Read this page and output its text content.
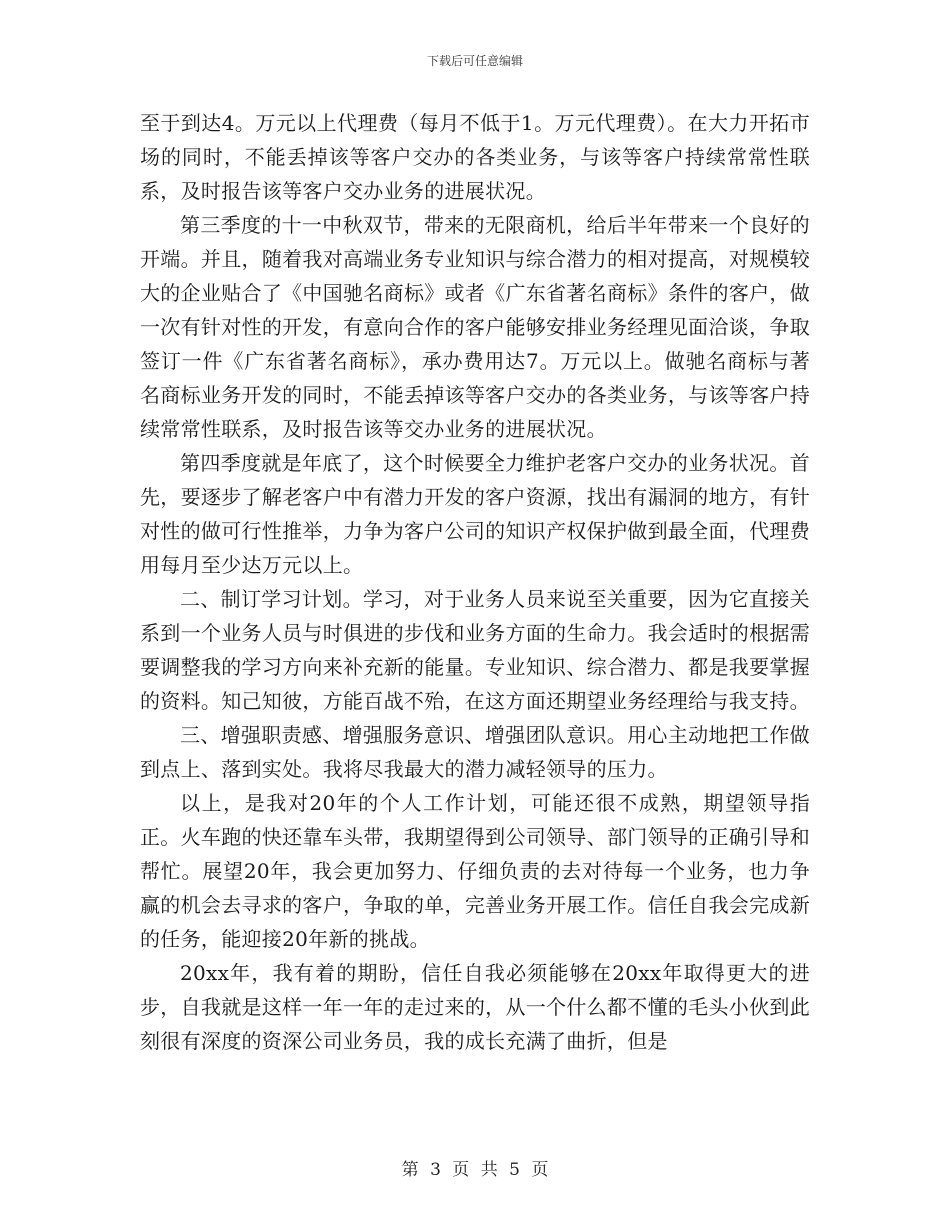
下载后可任意编辑

至于到达4。万元以上代理费（每月不低于1。万元代理费）。在大力开拓市场的同时，不能丢掉该等客户交办的各类业务，与该等客户持续常常性联系，及时报告该等客户交办业务的进展状况。

第三季度的十一中秋双节，带来的无限商机，给后半年带来一个良好的开端。并且，随着我对高端业务专业知识与综合潜力的相对提高，对规模较大的企业贴合了《中国驰名商标》或者《广东省著名商标》条件的客户，做一次有针对性的开发，有意向合作的客户能够安排业务经理见面洽谈，争取签订一件《广东省著名商标》，承办费用达7。万元以上。做驰名商标与著名商标业务开发的同时，不能丢掉该等客户交办的各类业务，与该等客户持续常常性联系，及时报告该等交办业务的进展状况。

第四季度就是年底了，这个时候要全力维护老客户交办的业务状况。首先，要逐步了解老客户中有潜力开发的客户资源，找出有漏洞的地方，有针对性的做可行性推举，力争为客户公司的知识产权保护做到最全面，代理费用每月至少达万元以上。

二、制订学习计划。学习，对于业务人员来说至关重要，因为它直接关系到一个业务人员与时俱进的步伐和业务方面的生命力。我会适时的根据需要调整我的学习方向来补充新的能量。专业知识、综合潜力、都是我要掌握的资料。知己知彼，方能百战不殆，在这方面还期望业务经理给与我支持。

三、增强职责感、增强服务意识、增强团队意识。用心主动地把工作做到点上、落到实处。我将尽我最大的潜力减轻领导的压力。

以上，是我对20年的个人工作计划，可能还很不成熟，期望领导指正。火车跑的快还靠车头带，我期望得到公司领导、部门领导的正确引导和帮忙。展望20年，我会更加努力、仔细负责的去对待每一个业务，也力争赢的机会去寻求的客户，争取的单，完善业务开展工作。信任自我会完成新的任务，能迎接20年新的挑战。

20xx年，我有着的期盼，信任自我必须能够在20xx年取得更大的进步，自我就是这样一年一年的走过来的，从一个什么都不懂的毛头小伙到此刻很有深度的资深公司业务员，我的成长充满了曲折，但是

第 3 页 共 5 页
